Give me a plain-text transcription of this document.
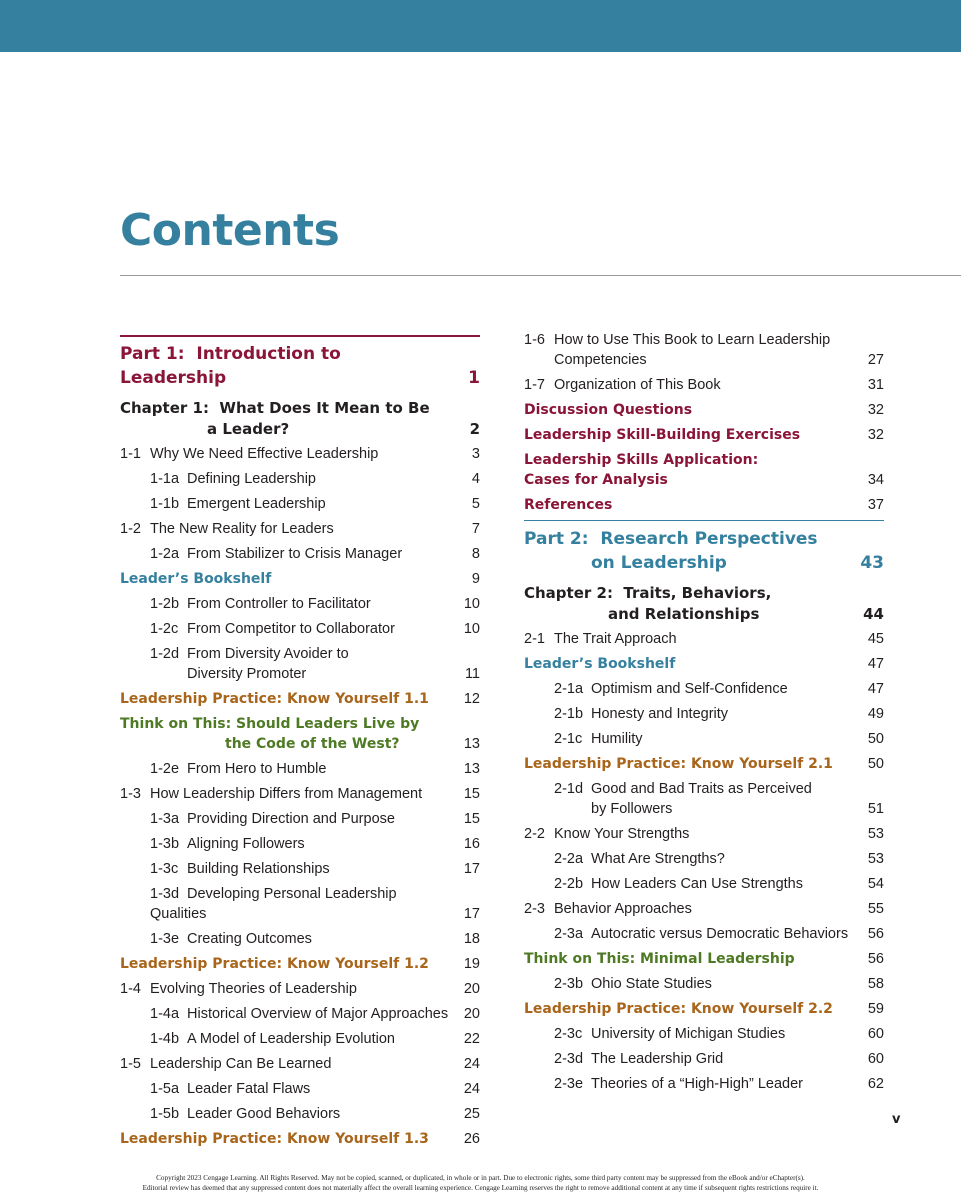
Contents
Part 1: Introduction to Leadership	1
Chapter 1: What Does It Mean to Be
a Leader?	2
1-1 Why We Need Effective Leadership	3
1-1a Defining Leadership	4
1-1b Emergent Leadership	5
1-2 The New Reality for Leaders	7
1-2a From Stabilizer to Crisis Manager	8
Leader’s Bookshelf	9
1-2b From Controller to Facilitator	10
1-2c From Competitor to Collaborator	10
1-2d From Diversity Avoider to
Diversity Promoter	11
Leadership Practice: Know Yourself 1.1	12
Think on This: Should Leaders Live by
the Code of the West?	13
1-2e From Hero to Humble	13
1-3 How Leadership Differs from Management	15
1-3a Providing Direction and Purpose	15
1-3b Aligning Followers	16
1-3c Building Relationships	17
1-3d Developing Personal Leadership Qualities	17
1-3e Creating Outcomes	18
Leadership Practice: Know Yourself 1.2	19
1-4 Evolving Theories of Leadership	20
1-4a Historical Overview of Major Approaches	20
1-4b A Model of Leadership Evolution	22
1-5 Leadership Can Be Learned	24
1-5a Leader Fatal Flaws	24
1-5b Leader Good Behaviors	25
Leadership Practice: Know Yourself 1.3	26
1-6 How to Use This Book to Learn Leadership
Competencies	27
1-7 Organization of This Book	31
Discussion Questions	32
Leadership Skill-Building Exercises	32
Leadership Skills Application:
Cases for Analysis	34
References	37
Part 2: Research Perspectives
on Leadership	43
Chapter 2: Traits, Behaviors,
and Relationships	44
2-1 The Trait Approach	45
Leader’s Bookshelf	47
2-1a Optimism and Self-Confidence	47
2-1b Honesty and Integrity	49
2-1c Humility	50
Leadership Practice: Know Yourself 2.1	50
2-1d Good and Bad Traits as Perceived
by Followers	51
2-2 Know Your Strengths	53
2-2a What Are Strengths?	53
2-2b How Leaders Can Use Strengths	54
2-3 Behavior Approaches	55
2-3a Autocratic versus Democratic Behaviors	56
Think on This: Minimal Leadership	56
2-3b Ohio State Studies	58
Leadership Practice: Know Yourself 2.2	59
2-3c University of Michigan Studies	60
2-3d The Leadership Grid	60
2-3e Theories of a “High-High” Leader	62
v
Copyright 2023 Cengage Learning. All Rights Reserved. May not be copied, scanned, or duplicated, in whole or in part. Due to electronic rights, some third party content may be suppressed from the eBook and/or eChapter(s).
Editorial review has deemed that any suppressed content does not materially affect the overall learning experience. Cengage Learning reserves the right to remove additional content at any time if subsequent rights restrictions require it.
